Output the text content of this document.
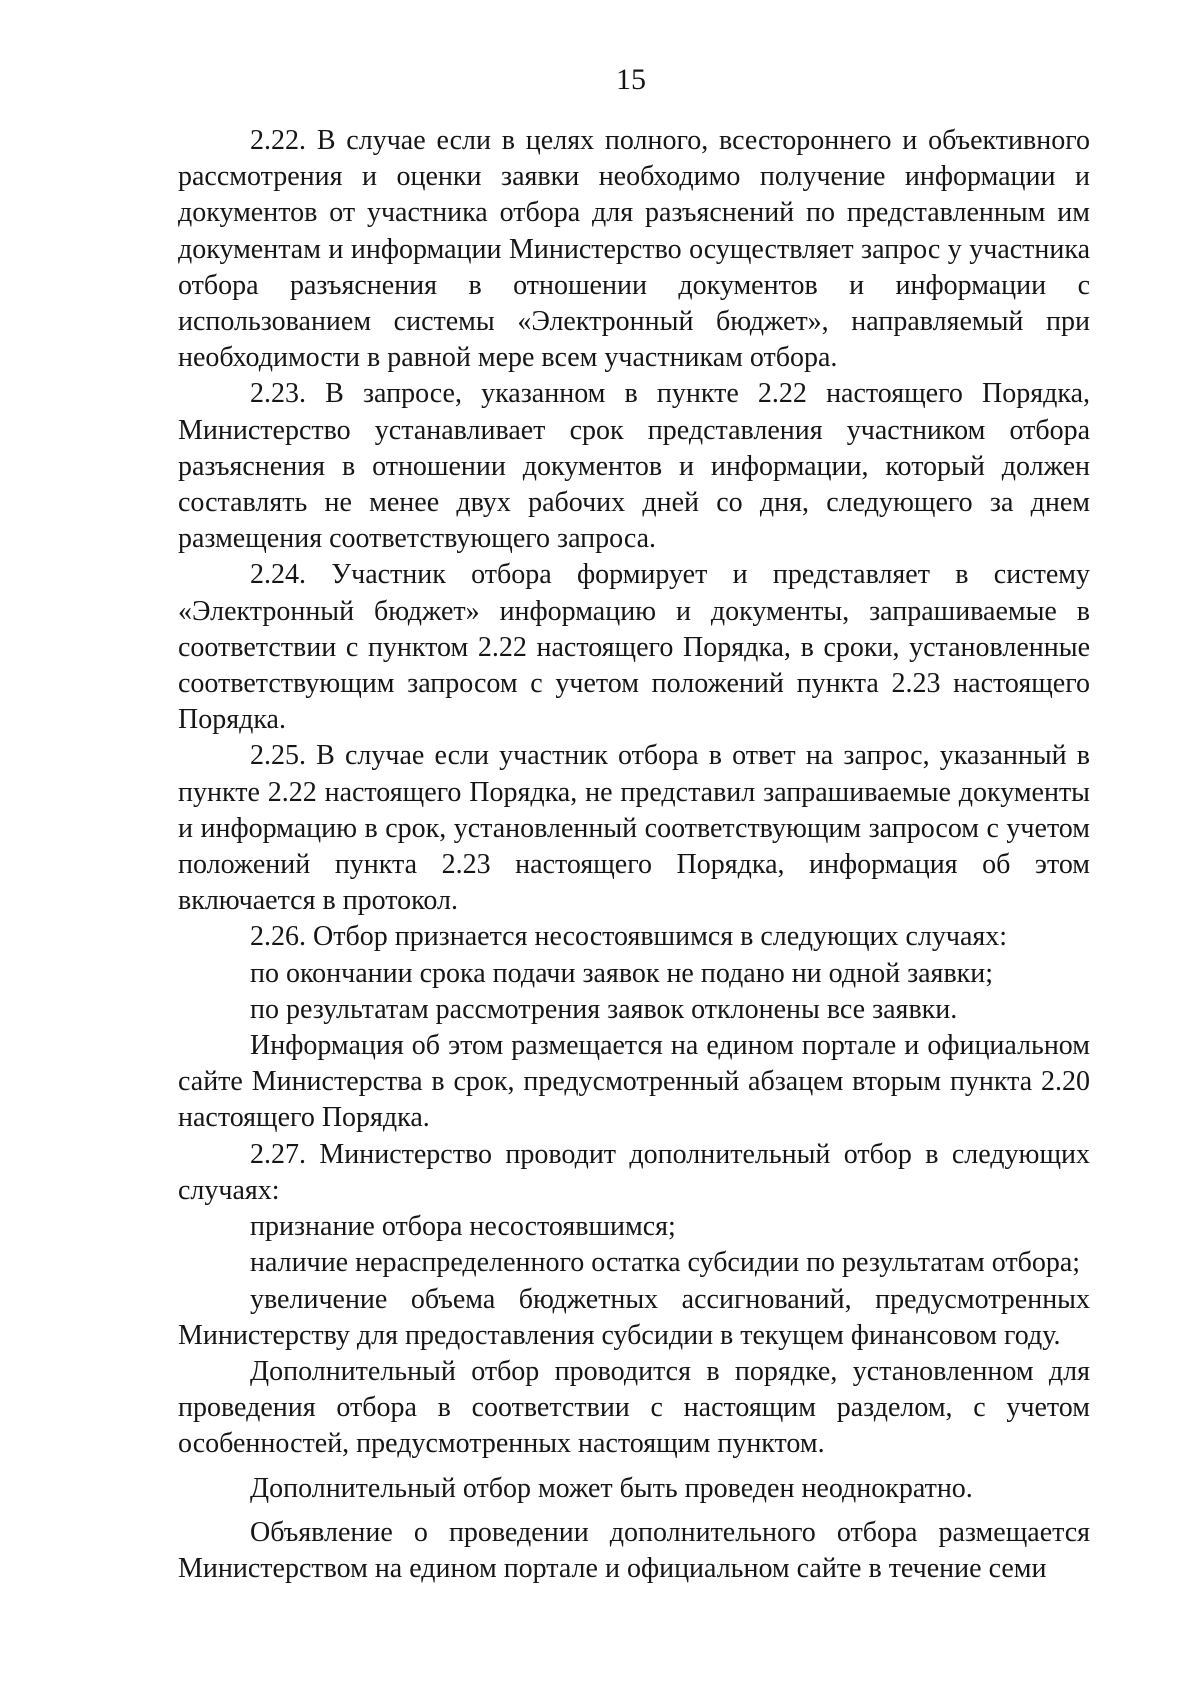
15

2.22. В случае если в целях полного, всестороннего и объективного рассмотрения и оценки заявки необходимо получение информации и документов от участника отбора для разъяснений по представленным им документам и информации Министерство осуществляет запрос у участника отбора разъяснения в отношении документов и информации с использованием системы «Электронный бюджет», направляемый при необходимости в равной мере всем участникам отбора.

2.23. В запросе, указанном в пункте 2.22 настоящего Порядка, Министерство устанавливает срок представления участником отбора разъяснения в отношении документов и информации, который должен составлять не менее двух рабочих дней со дня, следующего за днем размещения соответствующего запроса.

2.24. Участник отбора формирует и представляет в систему «Электронный бюджет» информацию и документы, запрашиваемые в соответствии с пунктом 2.22 настоящего Порядка, в сроки, установленные соответствующим запросом с учетом положений пункта 2.23 настоящего Порядка.

2.25. В случае если участник отбора в ответ на запрос, указанный в пункте 2.22 настоящего Порядка, не представил запрашиваемые документы и информацию в срок, установленный соответствующим запросом с учетом положений пункта 2.23 настоящего Порядка, информация об этом включается в протокол.

2.26. Отбор признается несостоявшимся в следующих случаях:

по окончании срока подачи заявок не подано ни одной заявки;

по результатам рассмотрения заявок отклонены все заявки.

Информация об этом размещается на едином портале и официальном сайте Министерства в срок, предусмотренный абзацем вторым пункта 2.20 настоящего Порядка.

2.27. Министерство проводит дополнительный отбор в следующих случаях:

признание отбора несостоявшимся;

наличие нераспределенного остатка субсидии по результатам отбора;

увеличение объема бюджетных ассигнований, предусмотренных Министерству для предоставления субсидии в текущем финансовом году.

Дополнительный отбор проводится в порядке, установленном для проведения отбора в соответствии с настоящим разделом, с учетом особенностей, предусмотренных настоящим пунктом.

Дополнительный отбор может быть проведен неоднократно.

Объявление о проведении дополнительного отбора размещается Министерством на едином портале и официальном сайте в течение семи
